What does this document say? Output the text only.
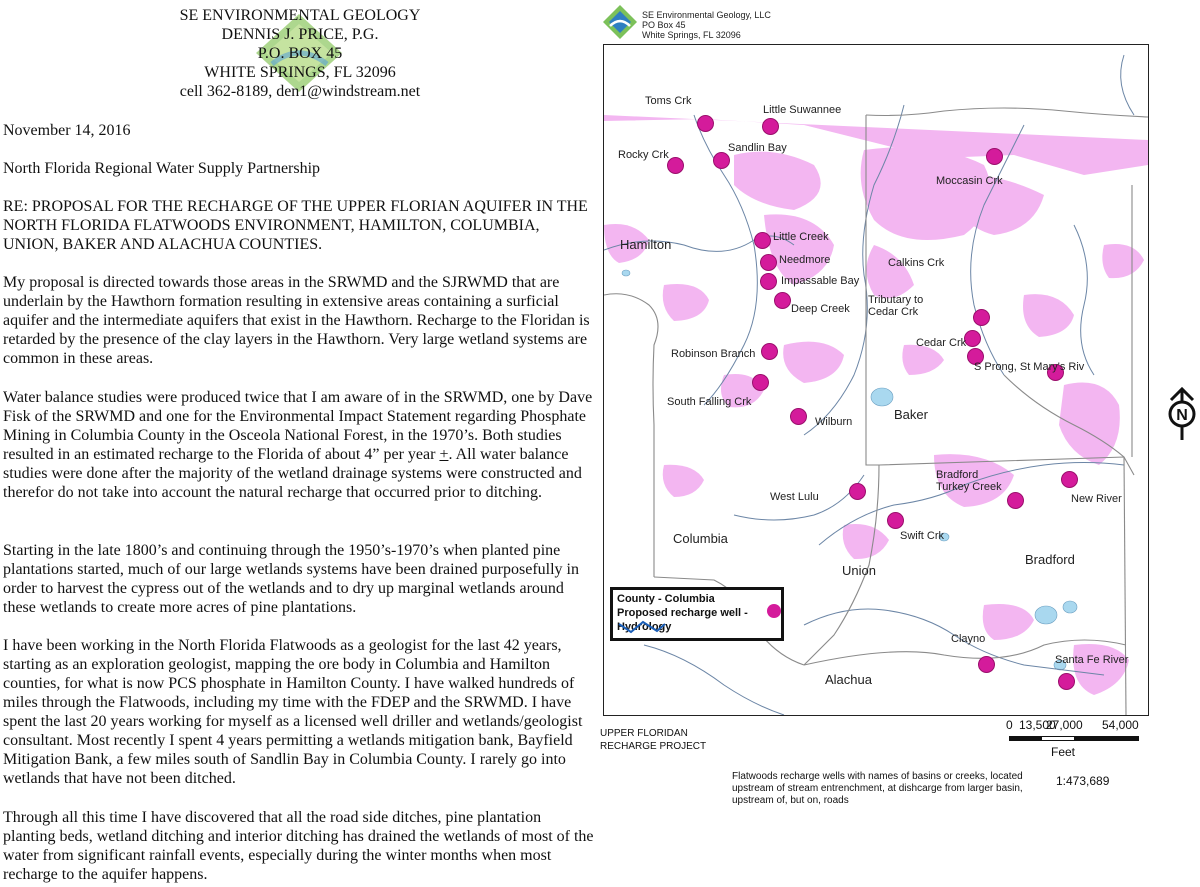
SE ENVIRONMENTAL GEOLOGY
DENNIS J. PRICE, P.G.
P.O. BOX 45
WHITE SPRINGS, FL 32096
cell 362-8189, den1@windstream.net

November 14, 2016

North Florida Regional Water Supply Partnership

RE: PROPOSAL FOR THE RECHARGE OF THE UPPER FLORIAN AQUIFER IN THE NORTH FLORIDA FLATWOODS ENVIRONMENT, HAMILTON, COLUMBIA, UNION, BAKER AND ALACHUA COUNTIES.

My proposal is directed towards those areas in the SRWMD and the SJRWMD that are underlain by the Hawthorn formation resulting in extensive areas containing a surficial aquifer and the intermediate aquifers that exist in the Hawthorn. Recharge to the Floridan is retarded by the presence of the clay layers in the Hawthorn. Very large wetland systems are common in these areas.

Water balance studies were produced twice that I am aware of in the SRWMD, one by Dave Fisk of the SRWMD and one for the Environmental Impact Statement regarding Phosphate Mining in Columbia County in the Osceola National Forest, in the 1970’s. Both studies resulted in an estimated recharge to the Florida of about 4” per year +. All water balance studies were done after the majority of the wetland drainage systems were constructed and therefor do not take into account the natural recharge that occurred prior to ditching.

Starting in the late 1800’s and continuing through the 1950’s-1970’s when planted pine plantations started, much of our large wetlands systems have been drained purposefully in order to harvest the cypress out of the wetlands and to dry up marginal wetlands around these wetlands to create more acres of pine plantations.

I have been working in the North Florida Flatwoods as a geologist for the last 42 years, starting as an exploration geologist, mapping the ore body in Columbia and Hamilton counties, for what is now PCS phosphate in Hamilton County. I have walked hundreds of miles through the Flatwoods, including my time with the FDEP and the SRWMD. I have spent the last 20 years working for myself as a licensed well driller and wetlands/geologist consultant. Most recently I spent 4 years permitting a wetlands mitigation bank, Bayfield Mitigation Bank, a few miles south of Sandlin Bay in Columbia County. I rarely go into wetlands that have not been ditched.

Through all this time I have discovered that all the road side ditches, pine plantation planting beds, wetland ditching and interior ditching has drained the wetlands of most of the water from significant rainfall events, especially during the winter months when most recharge to the aquifer happens.

SE Environmental Geology, LLC
PO Box 45
White Springs, FL 32096
Hamilton
Baker
Columbia
Union
Bradford
Alachua
Toms Crk
Little Suwannee
Rocky Crk
Sandlin Bay
Moccasin Crk
Little Creek
Needmore
Impassable Bay
Deep Creek
Calkins Crk
Tributary to Cedar Crk
Cedar Crk
S Prong, St Mary's Riv
Robinson Branch
South Falling Crk
Wilburn
Bradford Turkey Creek
New River
West Lulu
Swift Crk
Clayno
Santa Fe River
County - Columbia
Proposed recharge well -
Hydrology
UPPER FLORIDAN
RECHARGE PROJECT
0 13,500
27,000 54,000
Feet
Flatwoods recharge wells with names of basins or creeks, located upstream of stream entrenchment, at dishcarge from larger basin, upstream of, but on, roads
1:473,689
N
